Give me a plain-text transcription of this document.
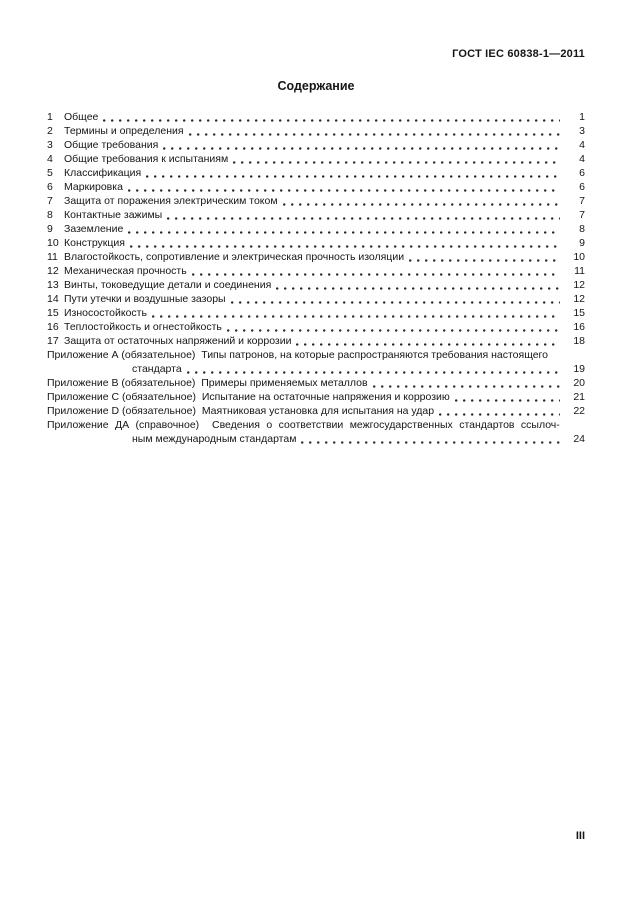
ГОСТ IEC 60838-1—2011
Содержание
1	Общее	1
2	Термины и определения	3
3	Общие требования	4
4	Общие требования к испытаниям	4
5	Классификация	6
6	Маркировка	6
7	Защита от поражения электрическим током	7
8	Контактные зажимы	7
9	Заземление	8
10 Конструкция	9
11 Влагостойкость, сопротивление и электрическая прочность изоляции	10
12 Механическая прочность	11
13 Винты, токоведущие детали и соединения	12
14 Пути утечки и воздушные зазоры	12
15 Износостойкость	15
16 Теплостойкость и огнестойкость	16
17 Защита от остаточных напряжений и коррозии	18
Приложение А (обязательное)  Типы патронов, на которые распространяются требования настоящего
стандарта	19
Приложение В (обязательное)  Примеры применяемых металлов	20
Приложение С (обязательное)  Испытание на остаточные напряжения и коррозию	21
Приложение D (обязательное)  Маятниковая установка для испытания на удар	22
Приложение ДА (справочное)  Сведения о соответствии межгосударственных стандартов ссылоч-
ным международным стандартам	24
III
